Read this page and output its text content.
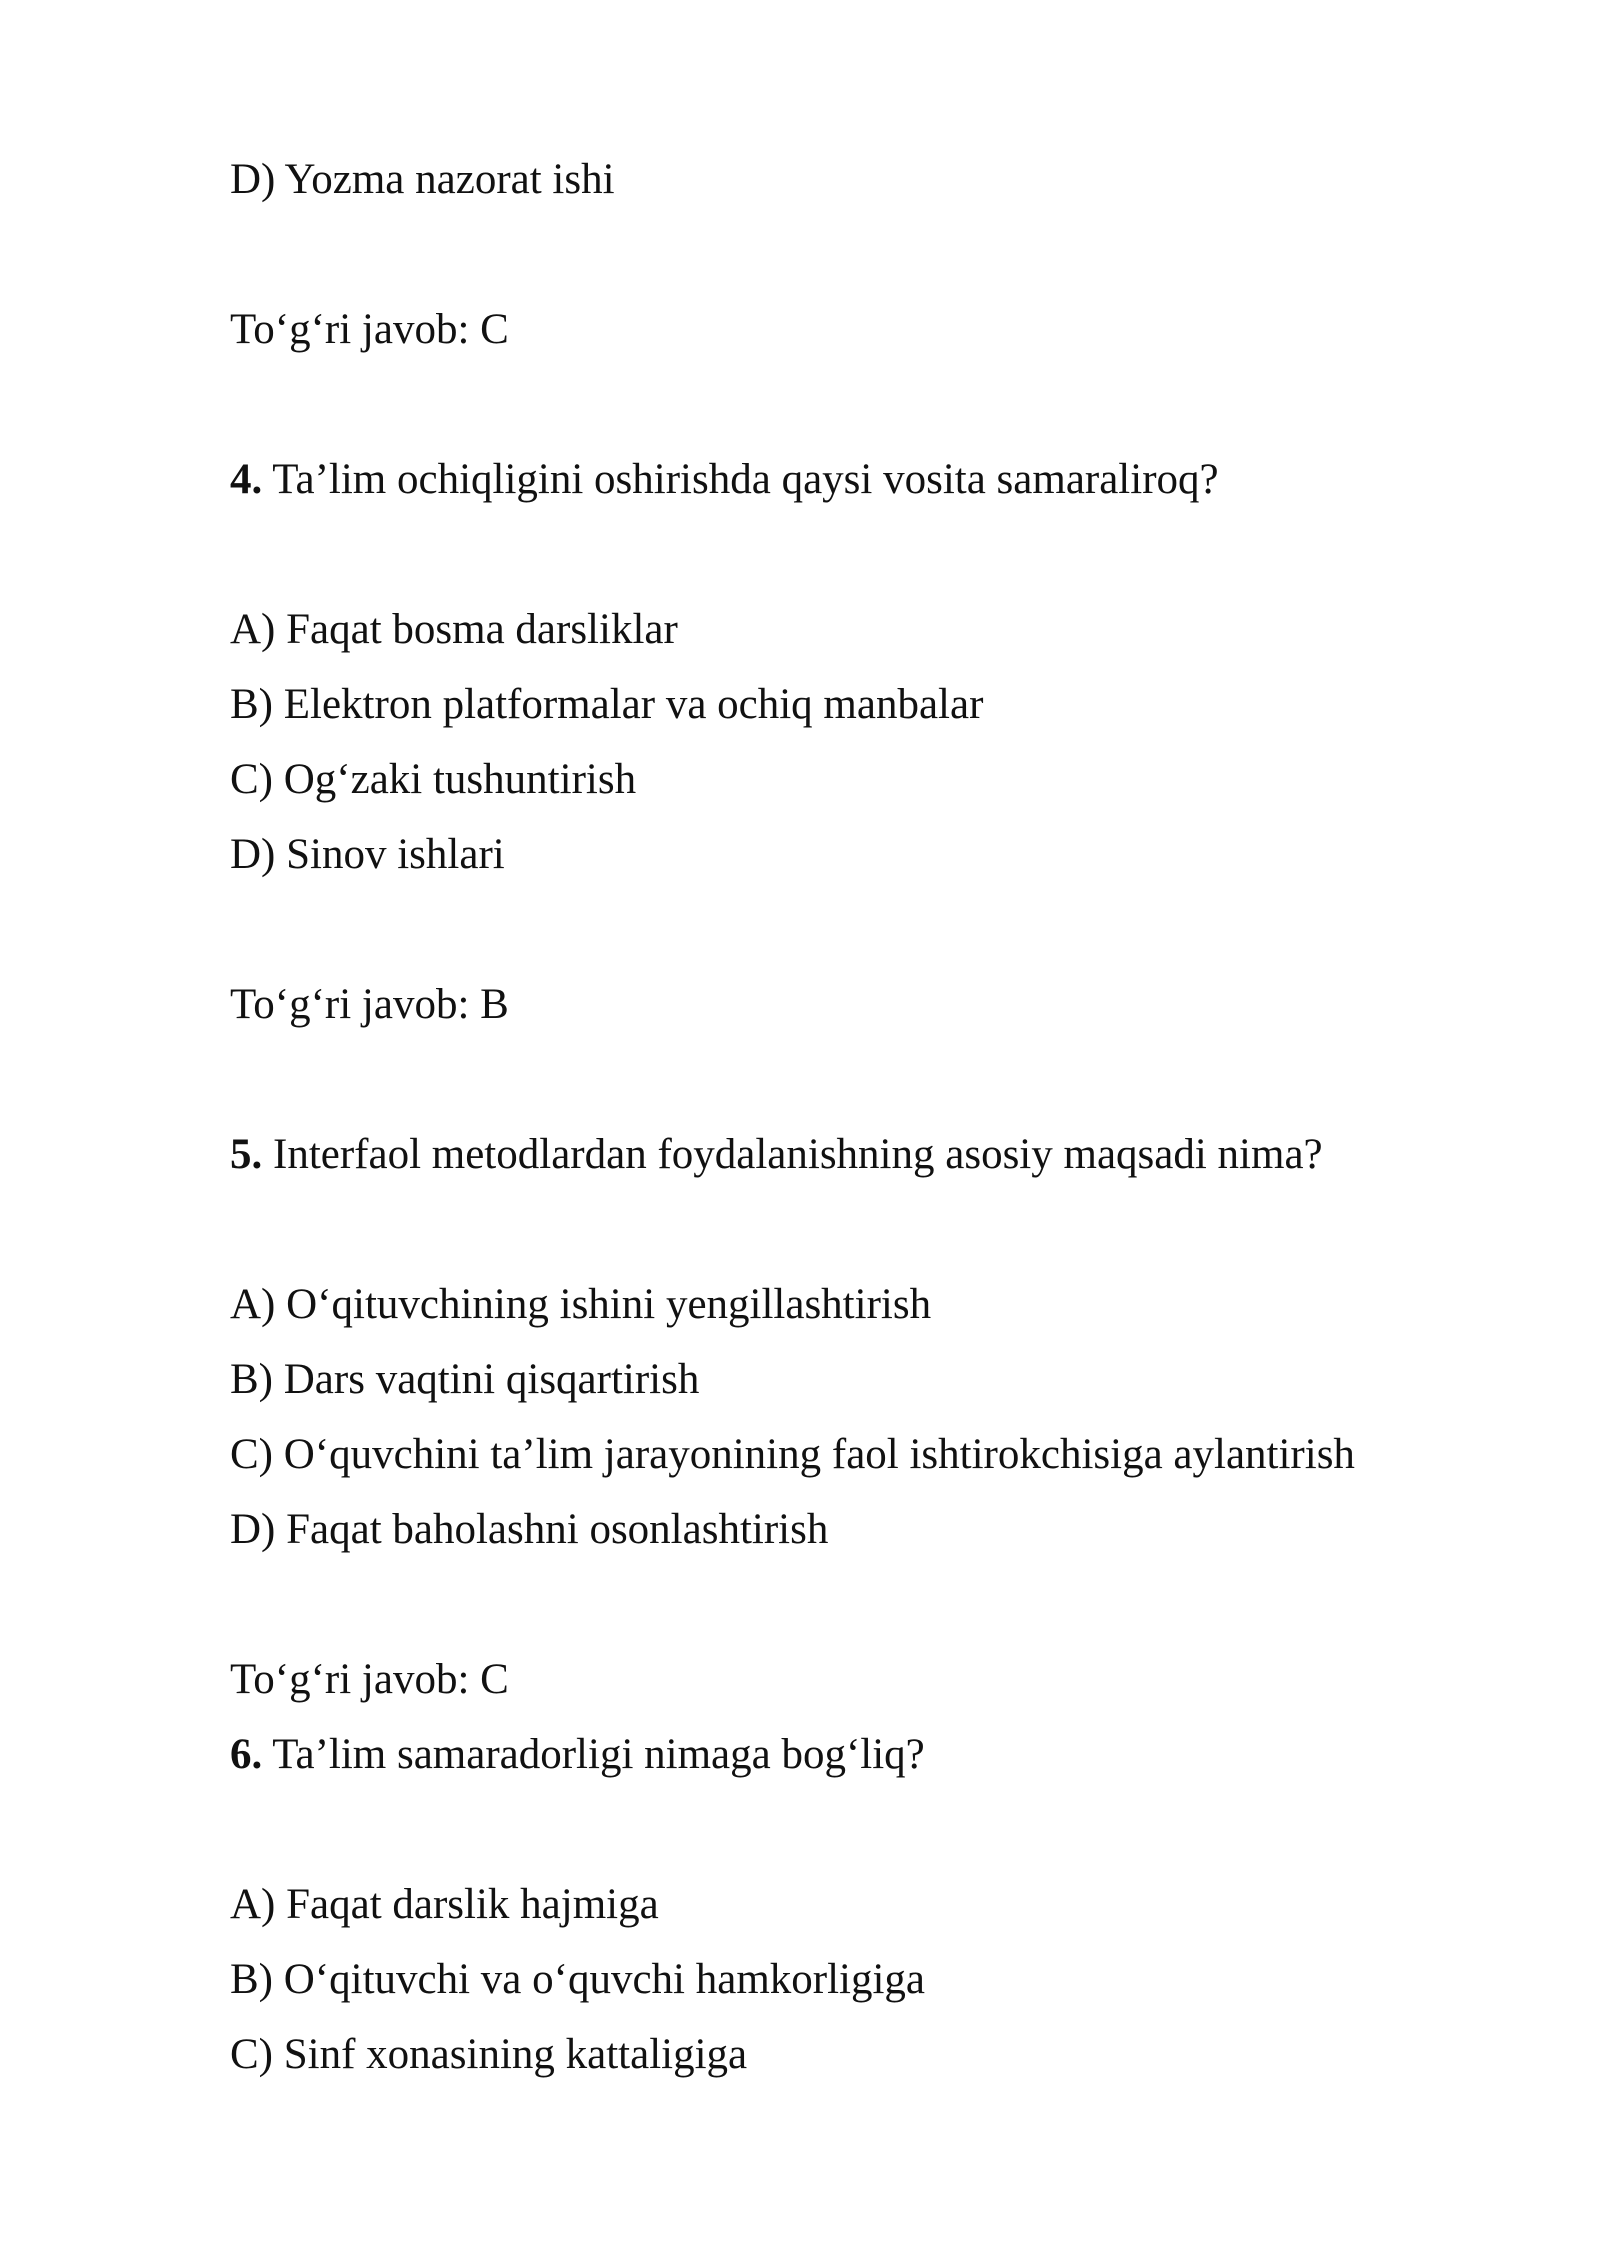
D) Yozma nazorat ishi
To‘g‘ri javob: C
4. Ta’lim ochiqligini oshirishda qaysi vosita samaraliroq?
A) Faqat bosma darsliklar
B) Elektron platformalar va ochiq manbalar
C) Og‘zaki tushuntirish
D) Sinov ishlari
To‘g‘ri javob: B
5. Interfaol metodlardan foydalanishning asosiy maqsadi nima?
A) O‘qituvchining ishini yengillashtirish
B) Dars vaqtini qisqartirish
C) O‘quvchini ta’lim jarayonining faol ishtirokchisiga aylantirish
D) Faqat baholashni osonlashtirish
To‘g‘ri javob: C
6. Ta’lim samaradorligi nimaga bog‘liq?
A) Faqat darslik hajmiga
B) O‘qituvchi va o‘quvchi hamkorligiga
C) Sinf xonasining kattaligiga
